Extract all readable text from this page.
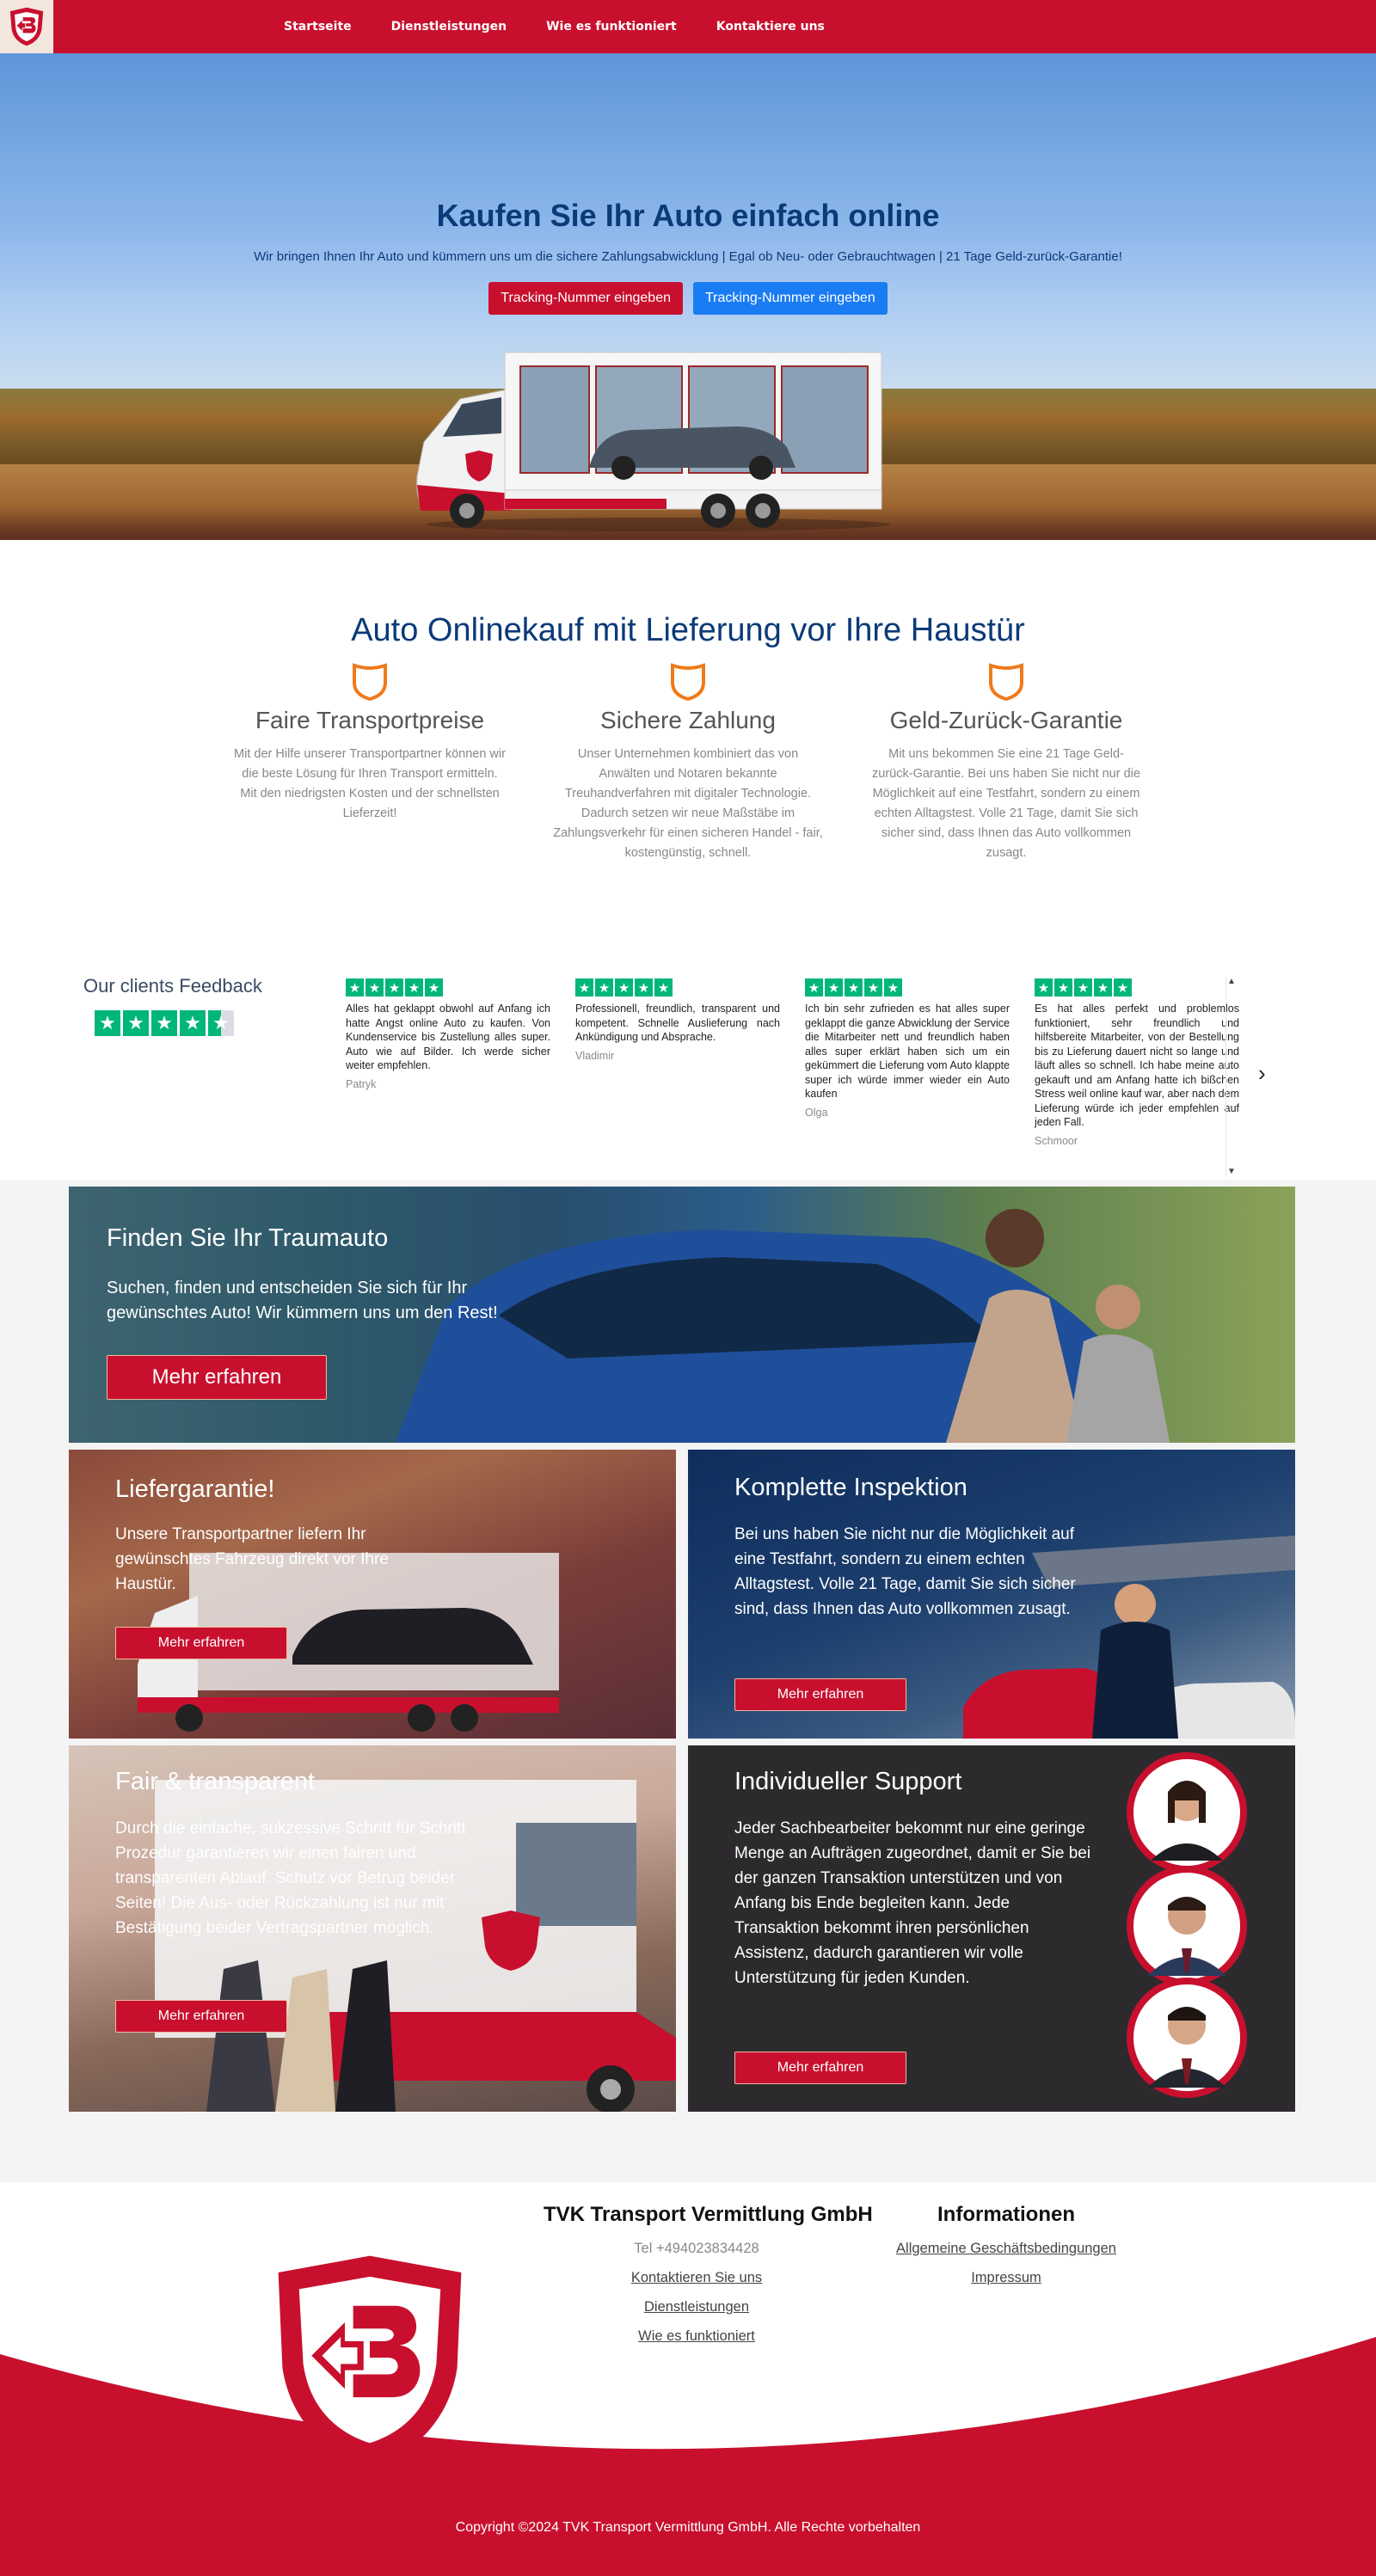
Startseite	Dienstleistungen	Wie es funktioniert	Kontaktiere uns
Kaufen Sie Ihr Auto einfach online
Wir bringen Ihnen Ihr Auto und kümmern uns um die sichere Zahlungsabwicklung | Egal ob Neu- oder Gebrauchtwagen | 21 Tage Geld-zurück-Garantie!
Tracking-Nummer eingeben	Tracking-Nummer eingeben
Auto Onlinekauf mit Lieferung vor Ihre Haustür
Faire Transportpreise

Mit der Hilfe unserer Transportpartner können wir die beste Lösung für Ihren Transport ermitteln. Mit den niedrigsten Kosten und der schnellsten Lieferzeit!

Sichere Zahlung

Unser Unternehmen kombiniert das von Anwälten und Notaren bekannte Treuhandverfahren mit digitaler Technologie. Dadurch setzen wir neue Maßstäbe im Zahlungsverkehr für einen sicheren Handel - fair, kostengünstig, schnell.

Geld-Zurück-Garantie

Mit uns bekommen Sie eine 21 Tage Geld-zurück-Garantie. Bei uns haben Sie nicht nur die Möglichkeit auf eine Testfahrt, sondern zu einem echten Alltagstest. Volle 21 Tage, damit Sie sich sicher sind, dass Ihnen das Auto vollkommen zusagt.

Our clients Feedback
★ ★ ★ ★ ★
★ ★ ★ ★ ★
Alles hat geklappt obwohl auf Anfang ich hatte Angst online Auto zu kaufen. Von Kundenservice bis Zustellung alles super. Auto wie auf Bilder. Ich werde sicher weiter empfehlen.
Patryk
★ ★ ★ ★ ★
Professionell, freundlich, transparent und kompetent. Schnelle Auslieferung nach Ankündigung und Absprache.
Vladimir
★ ★ ★ ★ ★
Ich bin sehr zufrieden es hat alles super geklappt die ganze Abwicklung der Service die Mitarbeiter nett und freundlich haben alles super erklärt haben sich um ein gekümmert die Lieferung vom Auto klappte super ich würde immer wieder ein Auto kaufen
Olga
★ ★ ★ ★ ★
Es hat alles perfekt und problemlos funktioniert, sehr freundlich und hilfsbereite Mitarbeiter, von der Bestellung bis zu Lieferung dauert nicht so lange und läuft alles so schnell. Ich habe meine auto gekauft und am Anfang hatte ich bißchen Stress weil online kauf war, aber nach dem Lieferung würde ich jeder empfehlen auf jeden Fall.
Schmoor
▲
▼
›
Finden Sie Ihr Traumauto
Suchen, finden und entscheiden Sie sich für Ihr gewünschtes Auto! Wir kümmern uns um den Rest!
Mehr erfahren
Liefergarantie!
Unsere Transportpartner liefern Ihr gewünschtes Fahrzeug direkt vor Ihre Haustür.
Mehr erfahren
Komplette Inspektion
Bei uns haben Sie nicht nur die Möglichkeit auf eine Testfahrt, sondern zu einem echten Alltagstest. Volle 21 Tage, damit Sie sich sicher sind, dass Ihnen das Auto vollkommen zusagt.
Mehr erfahren
Fair & transparent
Durch die einfache, sukzessive Schritt für Schritt Prozedur garantieren wir einen fairen und transparenten Ablauf. Schutz vor Betrug beider Seiten! Die Aus- oder Rückzahlung ist nur mit Bestätigung beider Vertragspartner möglich.
Mehr erfahren
Individueller Support
Jeder Sachbearbeiter bekommt nur eine geringe Menge an Aufträgen zugeordnet, damit er Sie bei der ganzen Transaktion unterstützen und von Anfang bis Ende begleiten kann. Jede Transaktion bekommt ihren persönlichen Assistenz, dadurch garantieren wir volle Unterstützung für jeden Kunden.
Mehr erfahren
TVK Transport Vermittlung GmbH
Tel +494023834428
Kontaktieren Sie uns
Dienstleistungen
Wie es funktioniert
Informationen
Allgemeine Geschäftsbedingungen
Impressum
Copyright ©2024 TVK Transport Vermittlung GmbH. Alle Rechte vorbehalten
